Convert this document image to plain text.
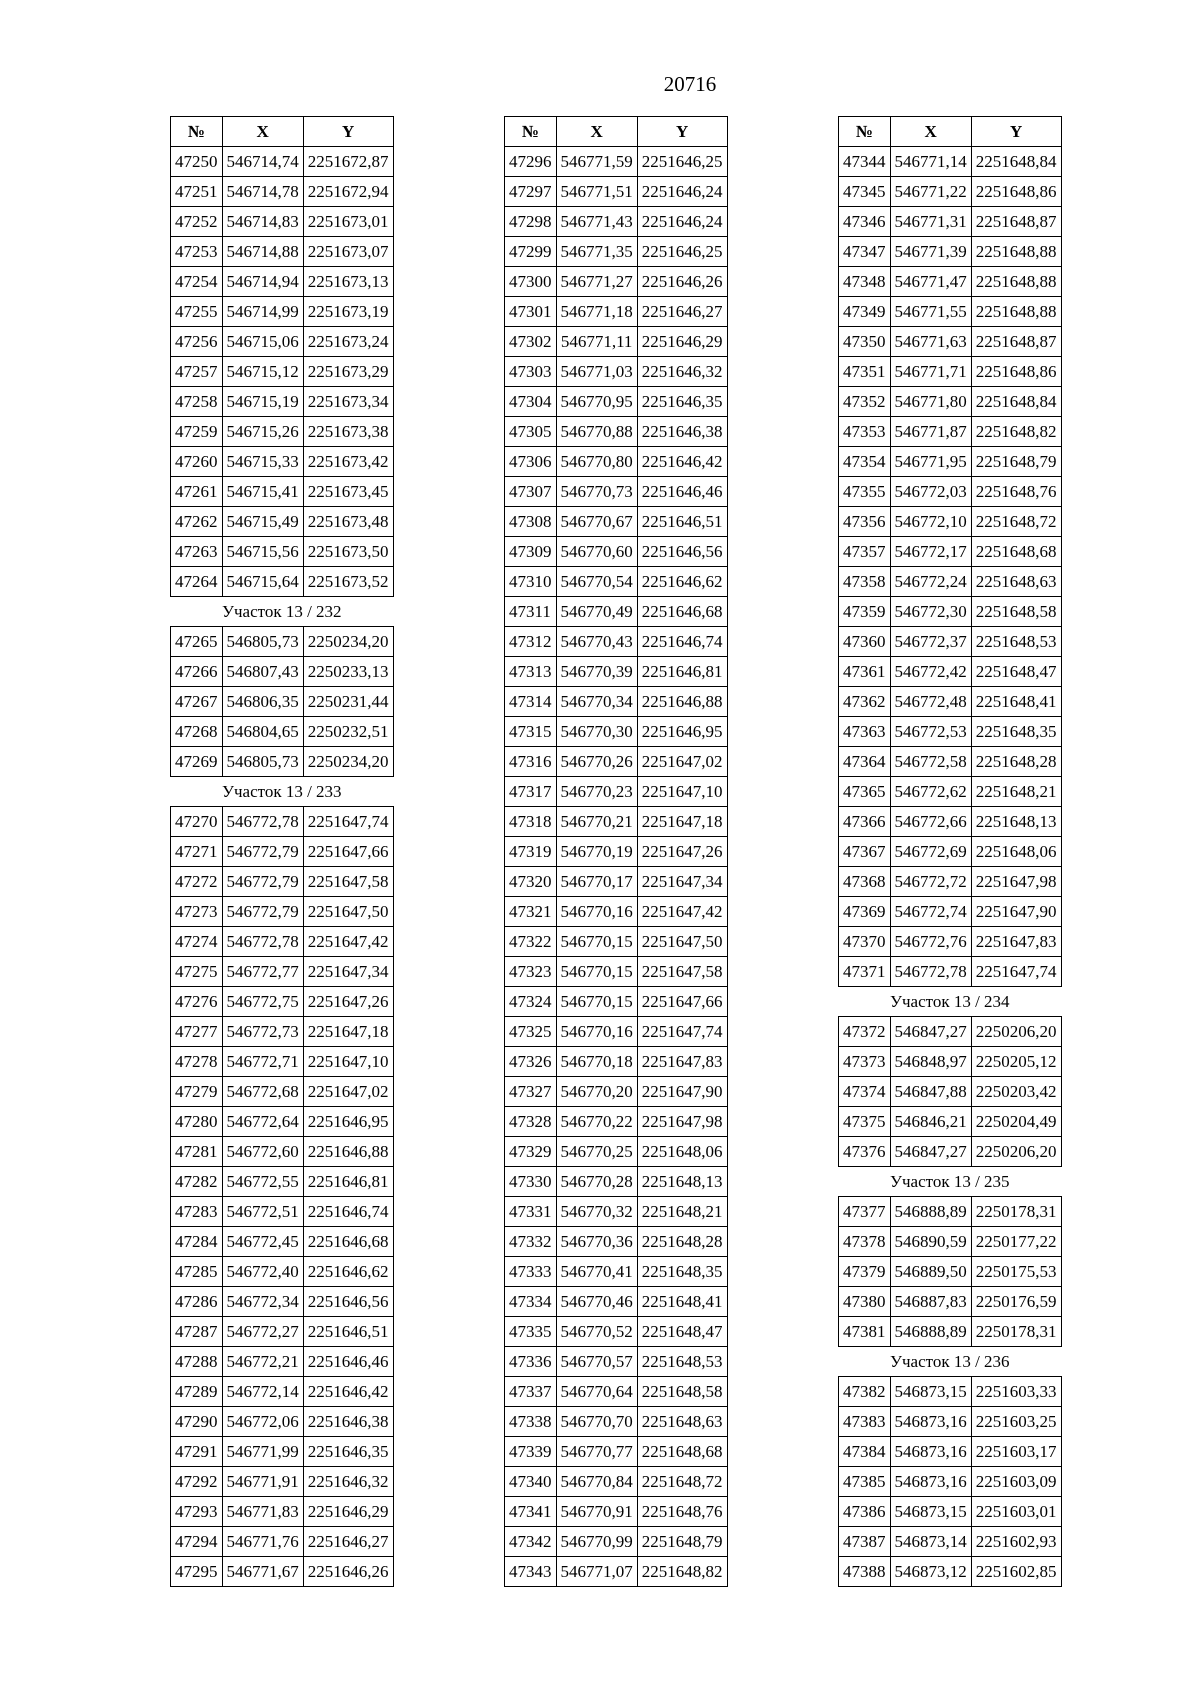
20716
№	X	Y
47250	546714,74	2251672,87
47251	546714,78	2251672,94
47252	546714,83	2251673,01
47253	546714,88	2251673,07
47254	546714,94	2251673,13
47255	546714,99	2251673,19
47256	546715,06	2251673,24
47257	546715,12	2251673,29
47258	546715,19	2251673,34
47259	546715,26	2251673,38
47260	546715,33	2251673,42
47261	546715,41	2251673,45
47262	546715,49	2251673,48
47263	546715,56	2251673,50
47264	546715,64	2251673,52
Участок 13 / 232		
47265	546805,73	2250234,20
47266	546807,43	2250233,13
47267	546806,35	2250231,44
47268	546804,65	2250232,51
47269	546805,73	2250234,20
Участок 13 / 233		
47270	546772,78	2251647,74
47271	546772,79	2251647,66
47272	546772,79	2251647,58
47273	546772,79	2251647,50
47274	546772,78	2251647,42
47275	546772,77	2251647,34
47276	546772,75	2251647,26
47277	546772,73	2251647,18
47278	546772,71	2251647,10
47279	546772,68	2251647,02
47280	546772,64	2251646,95
47281	546772,60	2251646,88
47282	546772,55	2251646,81
47283	546772,51	2251646,74
47284	546772,45	2251646,68
47285	546772,40	2251646,62
47286	546772,34	2251646,56
47287	546772,27	2251646,51
47288	546772,21	2251646,46
47289	546772,14	2251646,42
47290	546772,06	2251646,38
47291	546771,99	2251646,35
47292	546771,91	2251646,32
47293	546771,83	2251646,29
47294	546771,76	2251646,27
47295	546771,67	2251646,26
№	X	Y
47296	546771,59	2251646,25
47297	546771,51	2251646,24
47298	546771,43	2251646,24
47299	546771,35	2251646,25
47300	546771,27	2251646,26
47301	546771,18	2251646,27
47302	546771,11	2251646,29
47303	546771,03	2251646,32
47304	546770,95	2251646,35
47305	546770,88	2251646,38
47306	546770,80	2251646,42
47307	546770,73	2251646,46
47308	546770,67	2251646,51
47309	546770,60	2251646,56
47310	546770,54	2251646,62
47311	546770,49	2251646,68
47312	546770,43	2251646,74
47313	546770,39	2251646,81
47314	546770,34	2251646,88
47315	546770,30	2251646,95
47316	546770,26	2251647,02
47317	546770,23	2251647,10
47318	546770,21	2251647,18
47319	546770,19	2251647,26
47320	546770,17	2251647,34
47321	546770,16	2251647,42
47322	546770,15	2251647,50
47323	546770,15	2251647,58
47324	546770,15	2251647,66
47325	546770,16	2251647,74
47326	546770,18	2251647,83
47327	546770,20	2251647,90
47328	546770,22	2251647,98
47329	546770,25	2251648,06
47330	546770,28	2251648,13
47331	546770,32	2251648,21
47332	546770,36	2251648,28
47333	546770,41	2251648,35
47334	546770,46	2251648,41
47335	546770,52	2251648,47
47336	546770,57	2251648,53
47337	546770,64	2251648,58
47338	546770,70	2251648,63
47339	546770,77	2251648,68
47340	546770,84	2251648,72
47341	546770,91	2251648,76
47342	546770,99	2251648,79
47343	546771,07	2251648,82
№	X	Y
47344	546771,14	2251648,84
47345	546771,22	2251648,86
47346	546771,31	2251648,87
47347	546771,39	2251648,88
47348	546771,47	2251648,88
47349	546771,55	2251648,88
47350	546771,63	2251648,87
47351	546771,71	2251648,86
47352	546771,80	2251648,84
47353	546771,87	2251648,82
47354	546771,95	2251648,79
47355	546772,03	2251648,76
47356	546772,10	2251648,72
47357	546772,17	2251648,68
47358	546772,24	2251648,63
47359	546772,30	2251648,58
47360	546772,37	2251648,53
47361	546772,42	2251648,47
47362	546772,48	2251648,41
47363	546772,53	2251648,35
47364	546772,58	2251648,28
47365	546772,62	2251648,21
47366	546772,66	2251648,13
47367	546772,69	2251648,06
47368	546772,72	2251647,98
47369	546772,74	2251647,90
47370	546772,76	2251647,83
47371	546772,78	2251647,74
Участок 13 / 234		
47372	546847,27	2250206,20
47373	546848,97	2250205,12
47374	546847,88	2250203,42
47375	546846,21	2250204,49
47376	546847,27	2250206,20
Участок 13 / 235		
47377	546888,89	2250178,31
47378	546890,59	2250177,22
47379	546889,50	2250175,53
47380	546887,83	2250176,59
47381	546888,89	2250178,31
Участок 13 / 236		
47382	546873,15	2251603,33
47383	546873,16	2251603,25
47384	546873,16	2251603,17
47385	546873,16	2251603,09
47386	546873,15	2251603,01
47387	546873,14	2251602,93
47388	546873,12	2251602,85
